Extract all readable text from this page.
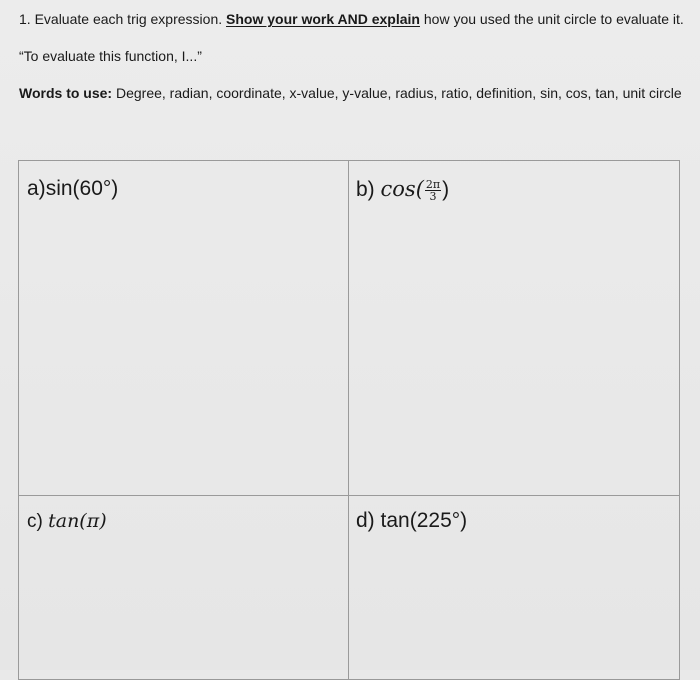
1. Evaluate each trig expression. Show your work AND explain how you used the unit circle to evaluate it.

“To evaluate this function, I...”

Words to use: Degree, radian, coordinate, x-value, y-value, radius, ratio, definition, sin, cos, tan, unit circle

a)sin(60°)	b) $\cos( \frac{2\pi}{3}$ )
c) tan(π)	d) tan(225°)
